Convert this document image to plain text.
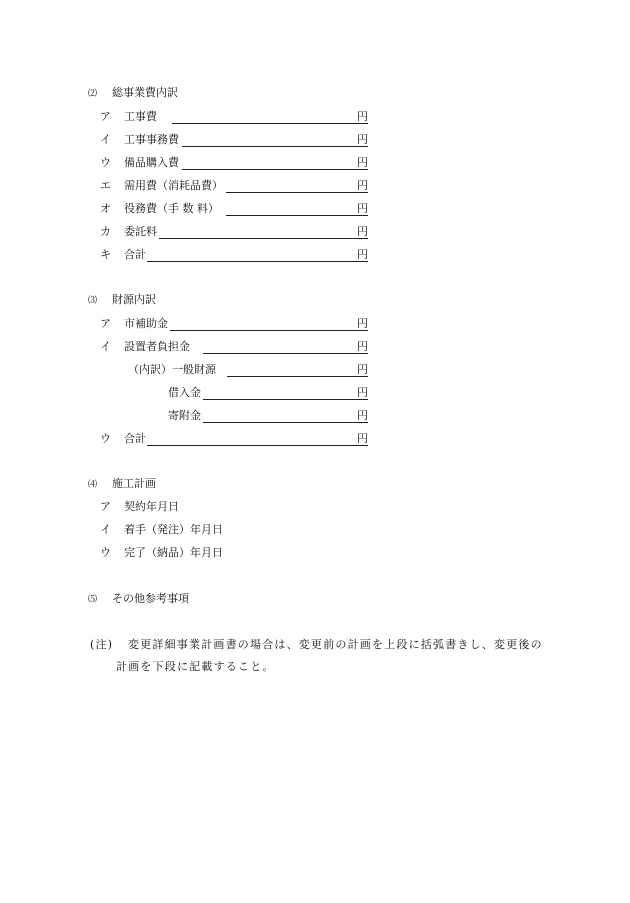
⑵ 総事業費内訳
ア 工事費	円
イ 工事事務費	円
ウ 備品購入費	円
エ 需用費（消耗品費）	円
オ 役務費（手 数 料）	円
カ 委託料	円
キ 合計	円
⑶ 財源内訳
ア 市補助金	円
イ 設置者負担金	円
（内訳）一般財源	円
借入金	円
寄附金	円
ウ 合計	円
⑷ 施工計画
ア 契約年月日
イ 着手（発注）年月日
ウ 完了（納品）年月日
⑸ その他参考事項
(注) 変更詳細事業計画書の場合は、変更前の計画を上段に括弧書きし、変更後の
計画を下段に記載すること。
